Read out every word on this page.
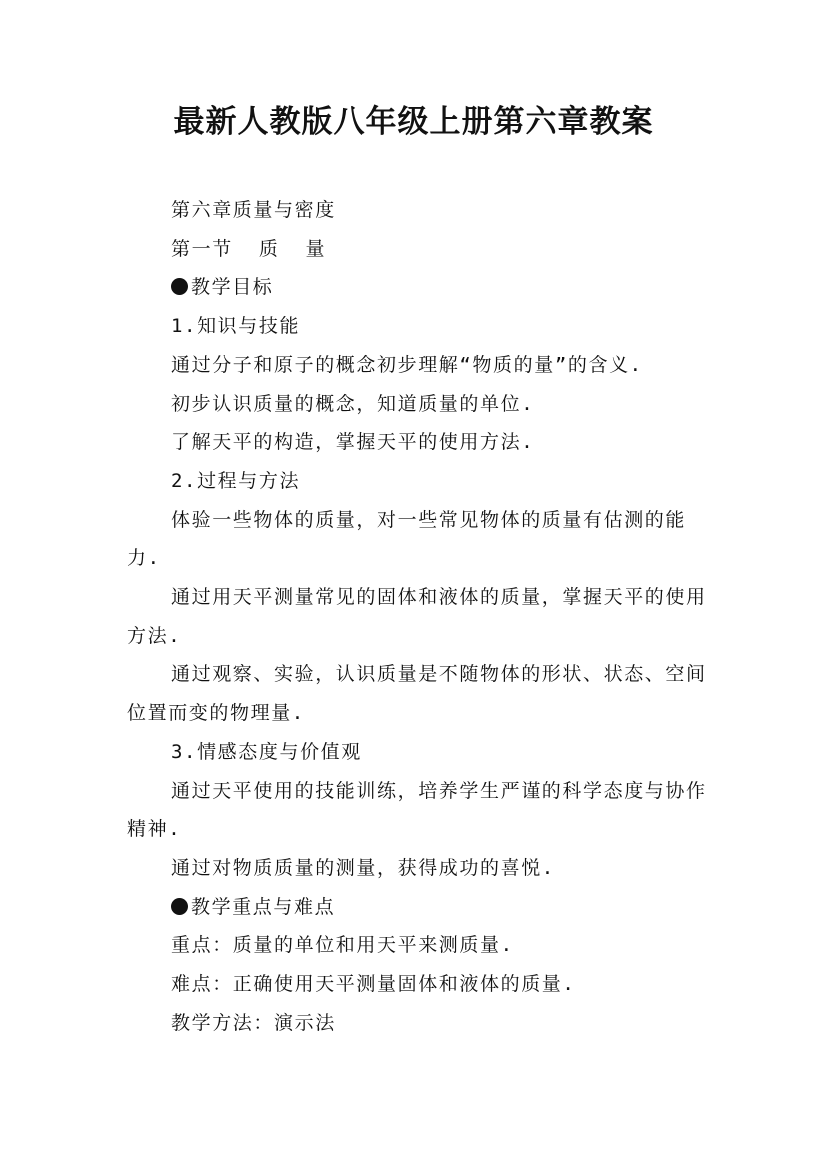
最新人教版八年级上册第六章教案

第六章质量与密度

第一节  质  量

教学目标

1.知识与技能

通过分子和原子的概念初步理解“物质的量”的含义.

初步认识质量的概念，知道质量的单位.

了解天平的构造，掌握天平的使用方法.

2.过程与方法

体验一些物体的质量，对一些常见物体的质量有估测的能力.

通过用天平测量常见的固体和液体的质量，掌握天平的使用方法.

通过观察、实验，认识质量是不随物体的形状、状态、空间位置而变的物理量.

3.情感态度与价值观

通过天平使用的技能训练，培养学生严谨的科学态度与协作精神.

通过对物质质量的测量，获得成功的喜悦.

教学重点与难点

重点：质量的单位和用天平来测质量.

难点：正确使用天平测量固体和液体的质量.

教学方法：演示法
